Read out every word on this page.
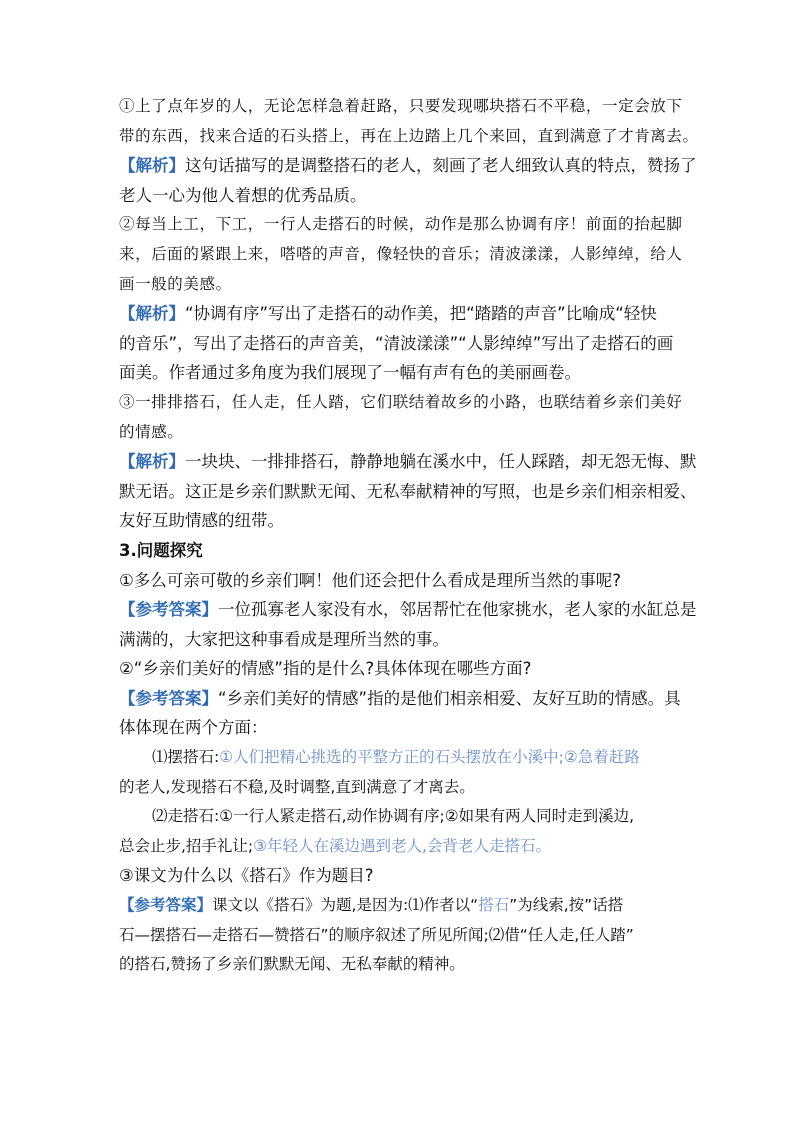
①上了点年岁的人，无论怎样急着赶路，只要发现哪块搭石不平稳，一定会放下

带的东西，找来合适的石头搭上，再在上边踏上几个来回，直到满意了才肯离去。

【解析】这句话描写的是调整搭石的老人，刻画了老人细致认真的特点，赞扬了

老人一心为他人着想的优秀品质。

②每当上工，下工，一行人走搭石的时候，动作是那么协调有序！前面的抬起脚

来，后面的紧跟上来，嗒嗒的声音，像轻快的音乐；清波漾漾，人影绰绰，给人

画一般的美感。

【解析】“协调有序”写出了走搭石的动作美，把“踏踏的声音”比喻成“轻快

的音乐”，写出了走搭石的声音美，“清波漾漾”“人影绰绰”写出了走搭石的画

面美。作者通过多角度为我们展现了一幅有声有色的美丽画卷。

③一排排搭石，任人走，任人踏，它们联结着故乡的小路，也联结着乡亲们美好

的情感。

【解析】一块块、一排排搭石，静静地躺在溪水中，任人踩踏，却无怨无悔、默

默无语。这正是乡亲们默默无闻、无私奉献精神的写照，也是乡亲们相亲相爱、

友好互助情感的纽带。

3.问题探究

①多么可亲可敬的乡亲们啊！他们还会把什么看成是理所当然的事呢?

【参考答案】一位孤寡老人家没有水，邻居帮忙在他家挑水，老人家的水缸总是

满满的，大家把这种事看成是理所当然的事。

②“乡亲们美好的情感”指的是什么?具体体现在哪些方面?

【参考答案】“乡亲们美好的情感”指的是他们相亲相爱、友好互助的情感。具

体体现在两个方面：

⑴摆搭石:①人们把精心挑选的平整方正的石头摆放在小溪中;②急着赶路

的老人,发现搭石不稳,及时调整,直到满意了才离去。

⑵走搭石:①一行人紧走搭石,动作协调有序;②如果有两人同时走到溪边,

总会止步,招手礼让;③年轻人在溪边遇到老人,会背老人走搭石。

③课文为什么以《搭石》作为题目?

【参考答案】课文以《搭石》为题,是因为:⑴作者以“搭石”为线索,按”话搭

石—摆搭石—走搭石—赞搭石”的顺序叙述了所见所闻;⑵借“任人走,任人踏”

的搭石,赞扬了乡亲们默默无闻、无私奉献的精神。
